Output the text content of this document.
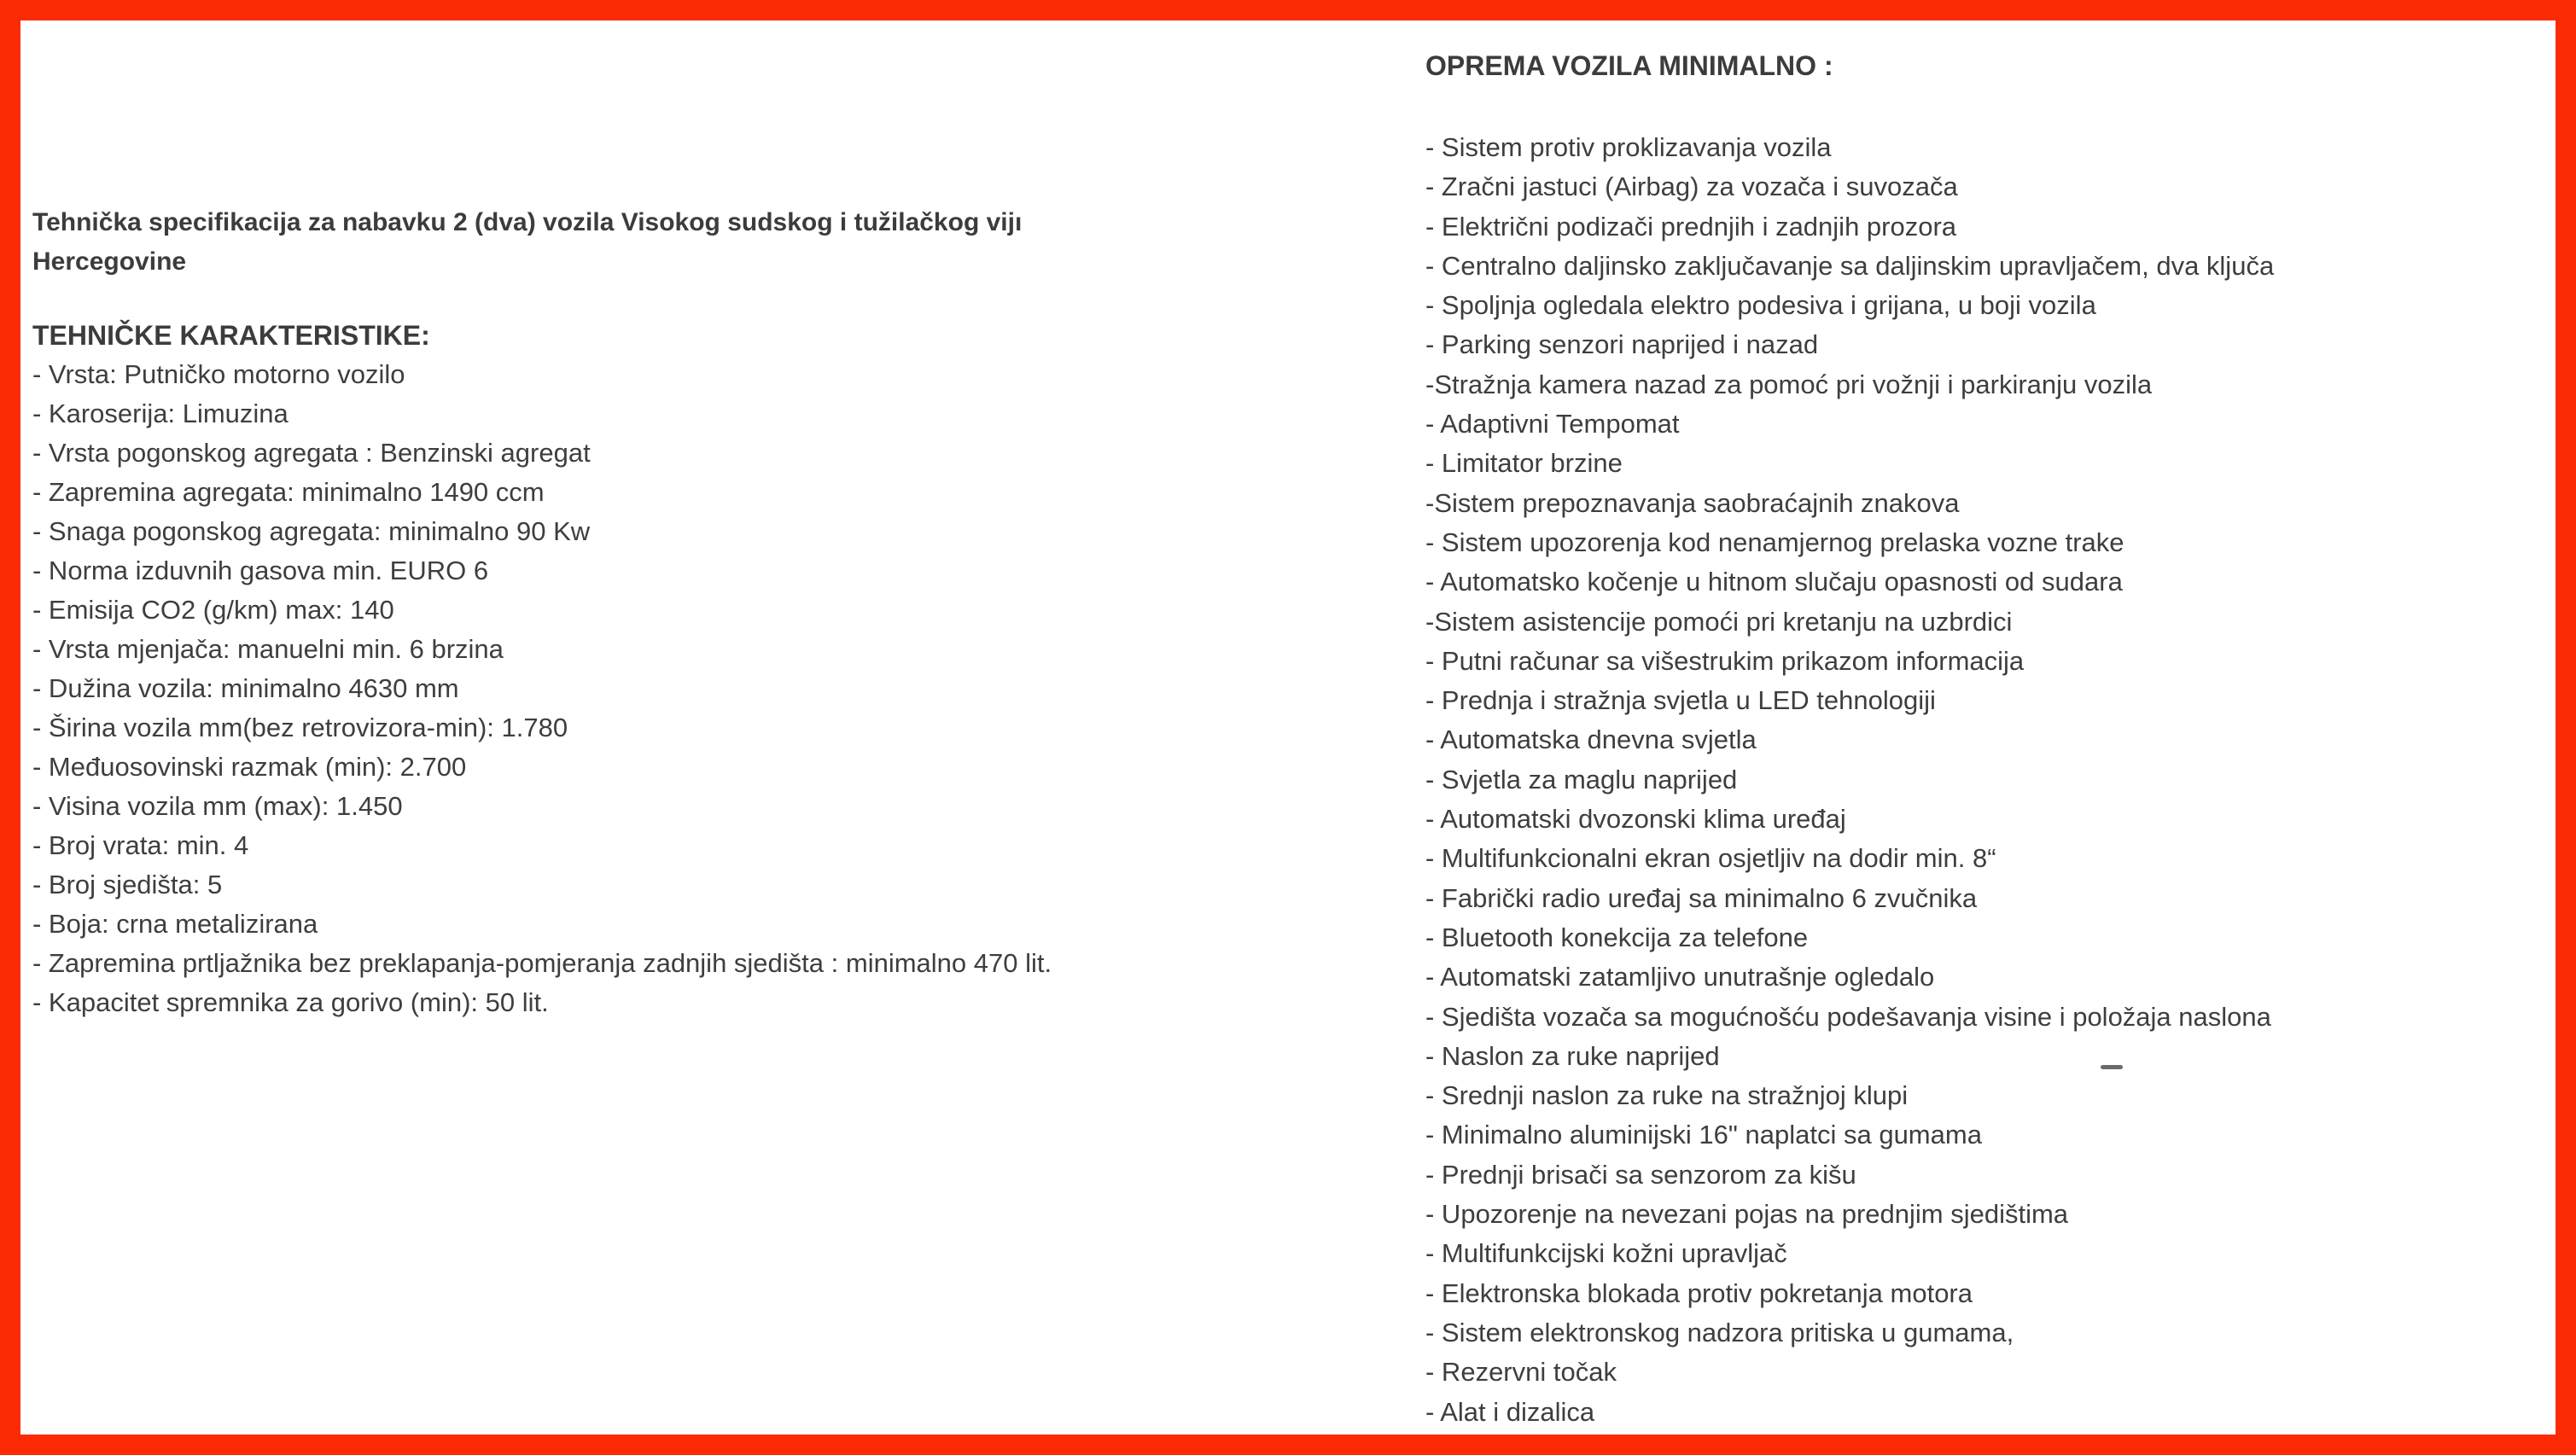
Tehnička specifikacija za nabavku 2 (dva) vozila Visokog sudskog i tužilačkog vijı

Hercegovine

TEHNIČKE KARAKTERISTIKE:

- Vrsta: Putničko motorno vozilo
- Karoserija: Limuzina
- Vrsta pogonskog agregata : Benzinski agregat
- Zapremina agregata: minimalno 1490 ccm
- Snaga pogonskog agregata: minimalno 90 Kw
- Norma izduvnih gasova min. EURO 6
- Emisija CO2 (g/km) max: 140
- Vrsta mjenjača: manuelni min. 6 brzina
- Dužina vozila: minimalno 4630 mm
- Širina vozila mm(bez retrovizora-min): 1.780
- Međuosovinski razmak (min): 2.700
- Visina vozila mm (max): 1.450
- Broj vrata: min. 4
- Broj sjedišta: 5
- Boja: crna metalizirana
- Zapremina prtljažnika bez preklapanja-pomjeranja zadnjih sjedišta : minimalno 470 lit.
- Kapacitet spremnika za gorivo (min): 50 lit.

OPREMA VOZILA MINIMALNO :

- Sistem protiv proklizavanja vozila
- Zračni jastuci (Airbag) za vozača i suvozača
- Električni podizači prednjih i zadnjih prozora
- Centralno daljinsko zaključavanje sa daljinskim upravljačem, dva ključa
- Spoljnja ogledala elektro podesiva i grijana, u boji vozila
- Parking senzori naprijed i nazad
-Stražnja kamera nazad za pomoć pri vožnji i parkiranju vozila
- Adaptivni Tempomat
- Limitator brzine
-Sistem prepoznavanja saobraćajnih znakova
- Sistem upozorenja kod nenamjernog prelaska vozne trake
- Automatsko kočenje u hitnom slučaju opasnosti od sudara
-Sistem asistencije pomoći pri kretanju na uzbrdici
- Putni računar sa višestrukim prikazom informacija
- Prednja i stražnja svjetla u LED tehnologiji
- Automatska dnevna svjetla
- Svjetla za maglu naprijed
- Automatski dvozonski klima uređaj
- Multifunkcionalni ekran osjetljiv na dodir min. 8“
- Fabrički radio uređaj sa minimalno 6 zvučnika
- Bluetooth konekcija za telefone
- Automatski zatamljivo unutrašnje ogledalo
- Sjedišta vozača sa mogućnošću podešavanja visine i položaja naslona
- Naslon za ruke naprijed
- Srednji naslon za ruke na stražnjoj klupi
- Minimalno aluminijski 16" naplatci sa gumama
- Prednji brisači sa senzorom za kišu
- Upozorenje na nevezani pojas na prednjim sjedištima
- Multifunkcijski kožni upravljač
- Elektronska blokada protiv pokretanja motora
- Sistem elektronskog nadzora pritiska u gumama,
- Rezervni točak
- Alat i dizalica
